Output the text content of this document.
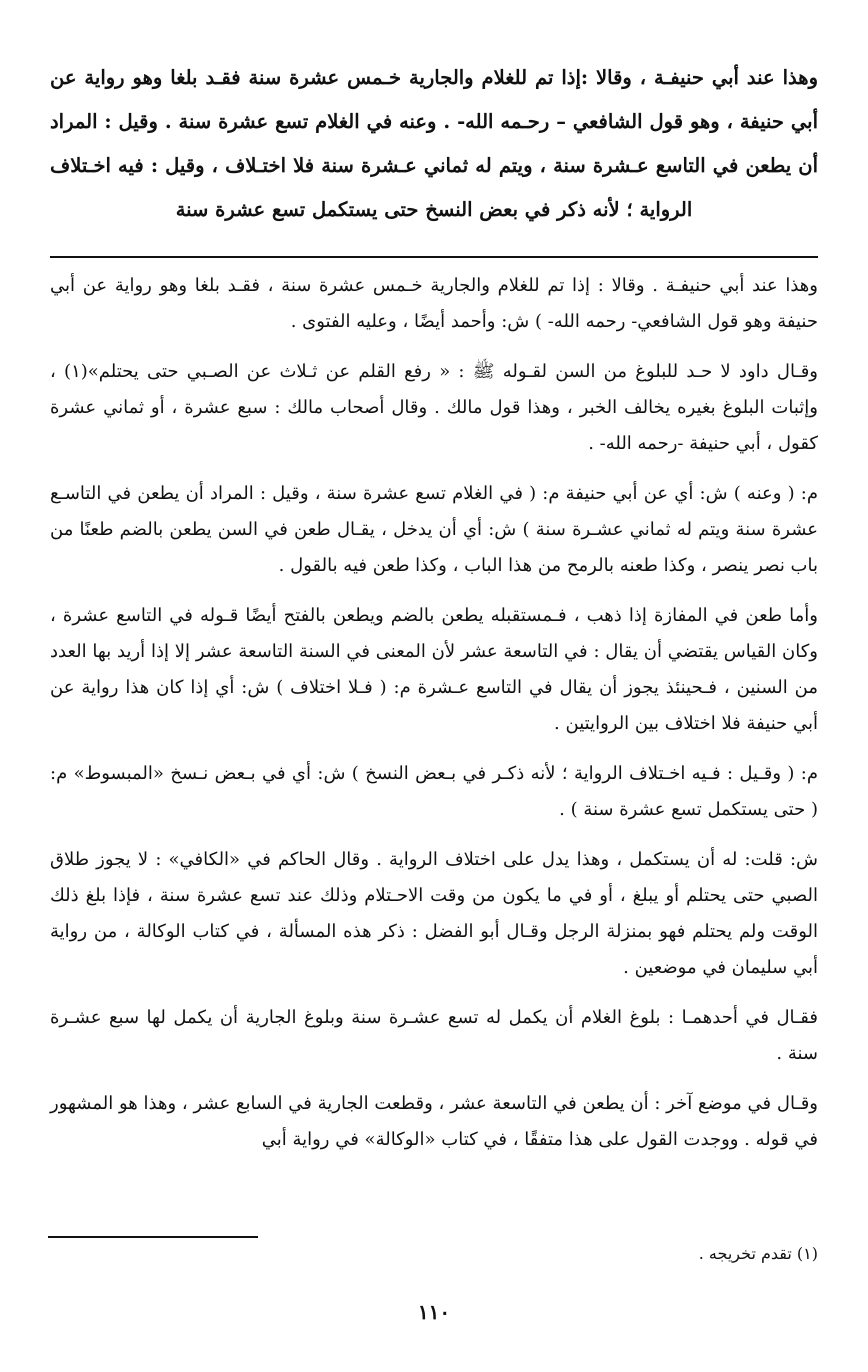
وهذا عند أبي حنيفـة ، وقالا :إذا تم للغلام والجارية خـمس عشرة سنة فقـد بلغا وهو رواية عن أبي حنيفة ، وهو قول الشافعي – رحـمه الله- . وعنه في الغلام تسع عشرة سنة . وقيل : المراد أن يطعن في التاسع عـشرة سنة ، ويتم له ثماني عـشرة سنة فلا اختـلاف ، وقيل : فيه اخـتلاف الرواية ؛ لأنه ذكر في بعض النسخ حتى يستكمل تسع عشرة سنة

وهذا عند أبي حنيفـة . وقالا : إذا تم للغلام والجارية خـمس عشرة سنة ، فقـد بلغا وهو رواية عن أبي حنيفة وهو قول الشافعي- رحمه الله- ) ش: وأحمد أيضًا ، وعليه الفتوى .

وقـال داود لا حـد للبلوغ من السن لقـوله ﷺ : « رفع القلم عن ثـلاث عن الصـبي حتى يحتلم»(١) ، وإثبات البلوغ بغيره يخالف الخبر ، وهذا قول مالك . وقال أصحاب مالك : سبع عشرة ، أو ثماني عشرة كقول ، أبي حنيفة -رحمه الله- .

م: ( وعنه ) ش: أي عن أبي حنيفة م: ( في الغلام تسع عشرة سنة ، وقيل : المراد أن يطعن في التاسـع عشرة سنة ويتم له ثماني عشـرة سنة ) ش: أي أن يدخل ، يقـال طعن في السن يطعن بالضم طعنًا من باب نصر ينصر ، وكذا طعنه بالرمح من هذا الباب ، وكذا طعن فيه بالقول .

وأما طعن في المفازة إذا ذهب ، فـمستقبله يطعن بالضم ويطعن بالفتح أيضًا قـوله في التاسع عشرة ، وكان القياس يقتضي أن يقال : في التاسعة عشر لأن المعنى في السنة التاسعة عشر إلا إذا أريد بها العدد من السنين ، فـحينئذ يجوز أن يقال في التاسع عـشرة م: ( فـلا اختلاف ) ش: أي إذا كان هذا رواية عن أبي حنيفة فلا اختلاف بين الروايتين .

م: ( وقـيل : فـيه اخـتلاف الرواية ؛ لأنه ذكـر في بـعض النسخ ) ش: أي في بـعض نـسخ «المبسوط» م: ( حتى يستكمل تسع عشرة سنة ) .

ش: قلت: له أن يستكمل ، وهذا يدل على اختلاف الرواية . وقال الحاكم في «الكافي» : لا يجوز طلاق الصبي حتى يحتلم أو يبلغ ، أو في ما يكون من وقت الاحـتلام وذلك عند تسع عشرة سنة ، فإذا بلغ ذلك الوقت ولم يحتلم فهو بمنزلة الرجل وقـال أبو الفضل : ذكر هذه المسألة ، في كتاب الوكالة ، من رواية أبي سليمان في موضعين .

فقـال في أحدهمـا : بلوغ الغلام أن يكمل له تسع عشـرة سنة وبلوغ الجارية أن يكمل لها سبع عشـرة سنة .

وقـال في موضع آخر : أن يطعن في التاسعة عشر ، وقطعت الجارية في السابع عشر ، وهذا هو المشهور في قوله . ووجدت القول على هذا متفقًا ، في كتاب «الوكالة» في رواية أبي

(١) تقدم تخريجه .

١١٠
